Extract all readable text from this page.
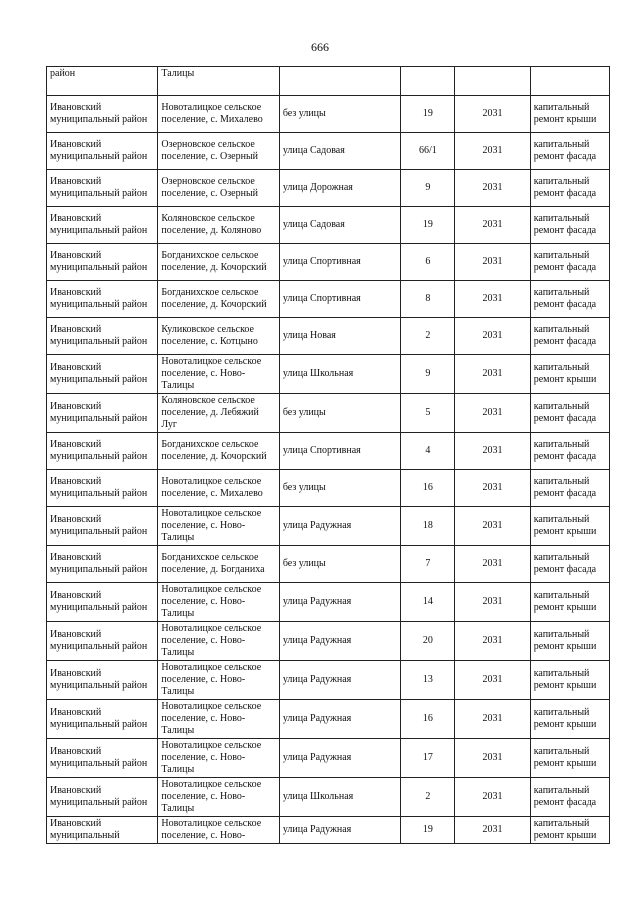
666
район	Талицы				
Ивановский муниципальный район	Новоталицкое сельское поселение, с. Михалево	без улицы	19	2031	капитальный ремонт крыши
Ивановский муниципальный район	Озерновское сельское поселение, с. Озерный	улица Садовая	66/1	2031	капитальный ремонт фасада
Ивановский муниципальный район	Озерновское сельское поселение, с. Озерный	улица Дорожная	9	2031	капитальный ремонт фасада
Ивановский муниципальный район	Коляновское сельское поселение, д. Коляново	улица Садовая	19	2031	капитальный ремонт фасада
Ивановский муниципальный район	Богданихское сельское поселение, д. Кочорский	улица Спортивная	6	2031	капитальный ремонт фасада
Ивановский муниципальный район	Богданихское сельское поселение, д. Кочорский	улица Спортивная	8	2031	капитальный ремонт фасада
Ивановский муниципальный район	Куликовское сельское поселение, с. Котцыно	улица Новая	2	2031	капитальный ремонт фасада
Ивановский муниципальный район	Новоталицкое сельское поселение, с. Ново-Талицы	улица Школьная	9	2031	капитальный ремонт крыши
Ивановский муниципальный район	Коляновское сельское поселение, д. Лебяжий Луг	без улицы	5	2031	капитальный ремонт фасада
Ивановский муниципальный район	Богданихское сельское поселение, д. Кочорский	улица Спортивная	4	2031	капитальный ремонт фасада
Ивановский муниципальный район	Новоталицкое сельское поселение, с. Михалево	без улицы	16	2031	капитальный ремонт фасада
Ивановский муниципальный район	Новоталицкое сельское поселение, с. Ново-Талицы	улица Радужная	18	2031	капитальный ремонт крыши
Ивановский муниципальный район	Богданихское сельское поселение, д. Богданиха	без улицы	7	2031	капитальный ремонт фасада
Ивановский муниципальный район	Новоталицкое сельское поселение, с. Ново-Талицы	улица Радужная	14	2031	капитальный ремонт крыши
Ивановский муниципальный район	Новоталицкое сельское поселение, с. Ново-Талицы	улица Радужная	20	2031	капитальный ремонт крыши
Ивановский муниципальный район	Новоталицкое сельское поселение, с. Ново-Талицы	улица Радужная	13	2031	капитальный ремонт крыши
Ивановский муниципальный район	Новоталицкое сельское поселение, с. Ново-Талицы	улица Радужная	16	2031	капитальный ремонт крыши
Ивановский муниципальный район	Новоталицкое сельское поселение, с. Ново-Талицы	улица Радужная	17	2031	капитальный ремонт крыши
Ивановский муниципальный район	Новоталицкое сельское поселение, с. Ново-Талицы	улица Школьная	2	2031	капитальный ремонт фасада
Ивановский муниципальный	Новоталицкое сельское поселение, с. Ново-	улица Радужная	19	2031	капитальный ремонт крыши
